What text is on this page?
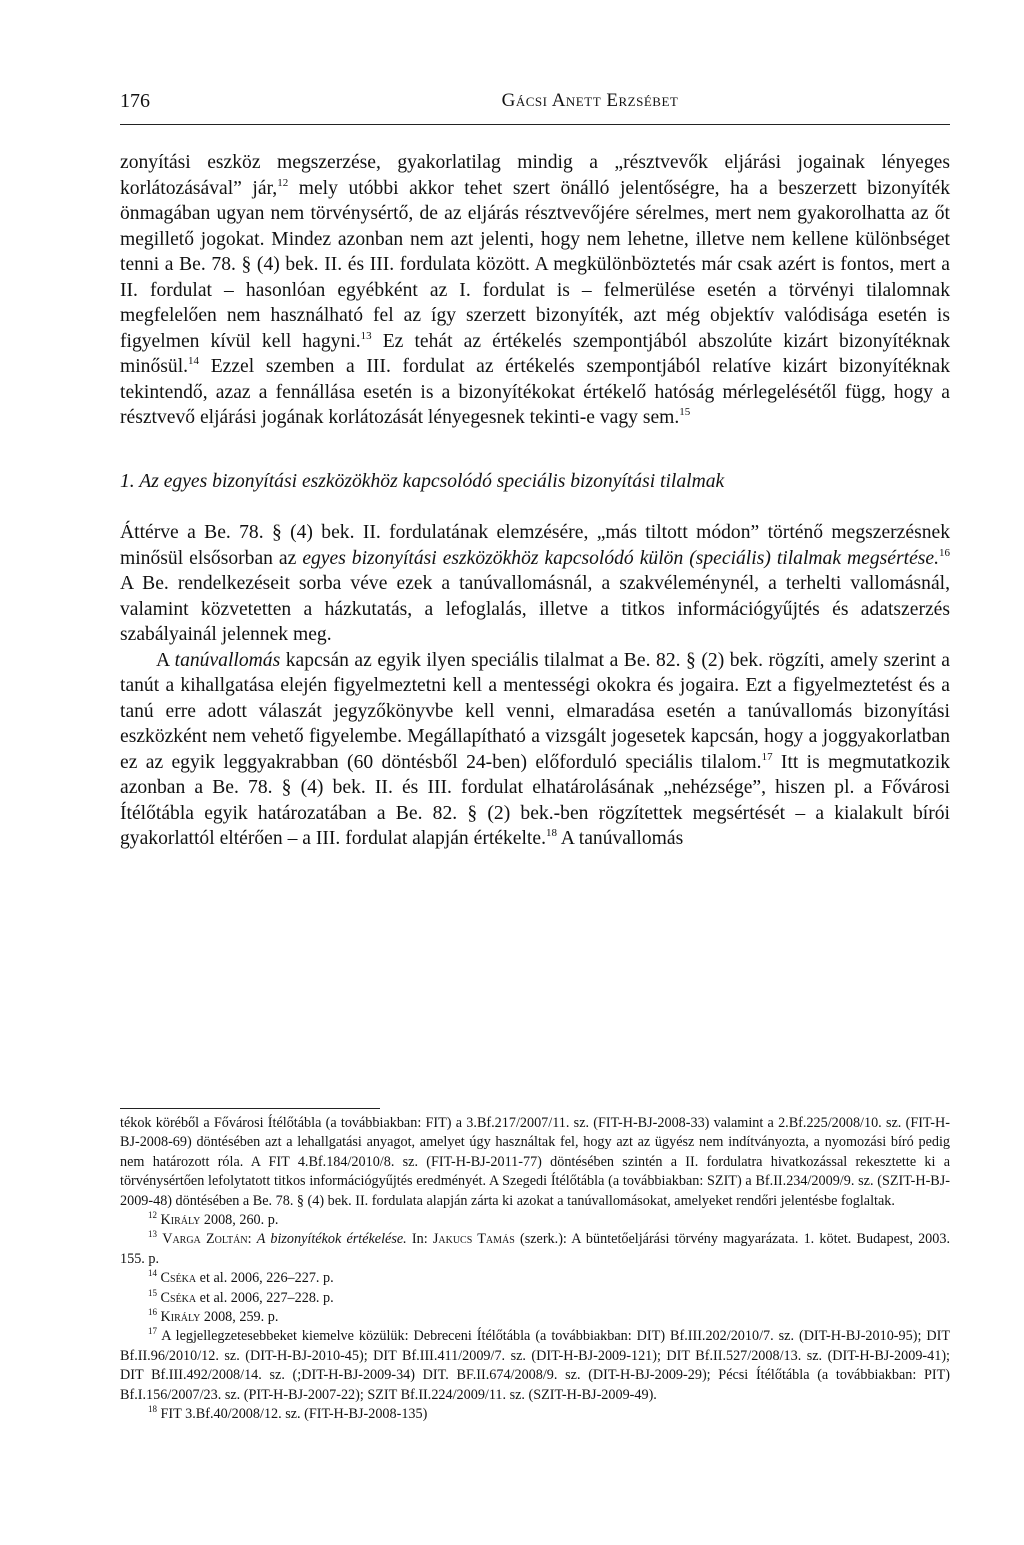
176	Gácsi Anett Erzsébet

zonyítási eszköz megszerzése, gyakorlatilag mindig a „résztvevők eljárási jogainak lényeges korlátozásával” jár,$^{12}$ mely utóbbi akkor tehet szert önálló jelentőségre, ha a beszerzett bizonyíték önmagában ugyan nem törvénysértő, de az eljárás résztvevőjére sérelmes, mert nem gyakorolhatta az őt megillető jogokat. Mindez azonban nem azt jelenti, hogy nem lehetne, illetve nem kellene különbséget tenni a Be. 78. § (4) bek. II. és III. fordulata között. A megkülönböztetés már csak azért is fontos, mert a II. fordulat – hasonlóan egyébként az I. fordulat is – felmerülése esetén a törvényi tilalomnak megfelelően nem használható fel az így szerzett bizonyíték, azt még objektív valódisága esetén is figyelmen kívül kell hagyni.$^{13}$ Ez tehát az értékelés szempontjából abszolúte kizárt bizonyítéknak minősül.$^{14}$ Ezzel szemben a III. fordulat az értékelés szempontjából relatíve kizárt bizonyítéknak tekintendő, azaz a fennállása esetén is a bizonyítékokat értékelő hatóság mérlegelésétől függ, hogy a résztvevő eljárási jogának korlátozását lényegesnek tekinti-e vagy sem.$^{15}$

1. Az egyes bizonyítási eszközökhöz kapcsolódó speciális bizonyítási tilalmak

Áttérve a Be. 78. § (4) bek. II. fordulatának elemzésére, „más tiltott módon” történő megszerzésnek minősül elsősorban az egyes bizonyítási eszközökhöz kapcsolódó külön (speciális) tilalmak megsértése.$^{16}$ A Be. rendelkezéseit sorba véve ezek a tanúvallomásnál, a szakvéleménynél, a terhelti vallomásnál, valamint közvetetten a házkutatás, a lefoglalás, illetve a titkos információgyűjtés és adatszerzés szabályainál jelennek meg.

A tanúvallomás kapcsán az egyik ilyen speciális tilalmat a Be. 82. § (2) bek. rögzíti, amely szerint a tanút a kihallgatása elején figyelmeztetni kell a mentességi okokra és jogaira. Ezt a figyelmeztetést és a tanú erre adott válaszát jegyzőkönyvbe kell venni, elmaradása esetén a tanúvallomás bizonyítási eszközként nem vehető figyelembe. Megállapítható a vizsgált jogesetek kapcsán, hogy a joggyakorlatban ez az egyik leggyakrabban (60 döntésből 24-ben) előforduló speciális tilalom.$^{17}$ Itt is megmutatkozik azonban a Be. 78. § (4) bek. II. és III. fordulat elhatárolásának „nehézsége”, hiszen pl. a Fővárosi Ítélőtábla egyik határozatában a Be. 82. § (2) bek.-ben rögzítettek megsértését – a kialakult bírói gyakorlattól eltérően – a III. fordulat alapján értékelte.$^{18}$ A tanúvallomás

tékok köréből a Fővárosi Ítélőtábla (a továbbiakban: FIT) a 3.Bf.217/2007/11. sz. (FIT-H-BJ-2008-33) valamint a 2.Bf.225/2008/10. sz. (FIT-H-BJ-2008-69) döntésében azt a lehallgatási anyagot, amelyet úgy használtak fel, hogy azt az ügyész nem indítványozta, a nyomozási bíró pedig nem határozott róla. A FIT 4.Bf.184/2010/8. sz. (FIT-H-BJ-2011-77) döntésében szintén a II. fordulatra hivatkozással rekesztette ki a törvénysértően lefolytatott titkos információgyűjtés eredményét. A Szegedi Ítélőtábla (a továbbiakban: SZIT) a Bf.II.234/2009/9. sz. (SZIT-H-BJ-2009-48) döntésében a Be. 78. § (4) bek. II. fordulata alapján zárta ki azokat a tanúvallomásokat, amelyeket rendőri jelentésbe foglaltak.

$^{12}$ Király 2008, 260. p.

$^{13}$ Varga Zoltán: A bizonyítékok értékelése. In: Jakucs Tamás (szerk.): A büntetőeljárási törvény magyarázata. 1. kötet. Budapest, 2003. 155. p.

$^{14}$ Cséka et al. 2006, 226–227. p.

$^{15}$ Cséka et al. 2006, 227–228. p.

$^{16}$ Király 2008, 259. p.

$^{17}$ A legjellegzetesebbeket kiemelve közülük: Debreceni Ítélőtábla (a továbbiakban: DIT) Bf.III.202/2010/7. sz. (DIT-H-BJ-2010-95); DIT Bf.II.96/2010/12. sz. (DIT-H-BJ-2010-45); DIT Bf.III.411/2009/7. sz. (DIT-H-BJ-2009-121); DIT Bf.II.527/2008/13. sz. (DIT-H-BJ-2009-41); DIT Bf.III.492/2008/14. sz. (;DIT-H-BJ-2009-34) DIT. BF.II.674/2008/9. sz. (DIT-H-BJ-2009-29); Pécsi Ítélőtábla (a továbbiakban: PIT) Bf.I.156/2007/23. sz. (PIT-H-BJ-2007-22); SZIT Bf.II.224/2009/11. sz. (SZIT-H-BJ-2009-49).

$^{18}$ FIT 3.Bf.40/2008/12. sz. (FIT-H-BJ-2008-135)
